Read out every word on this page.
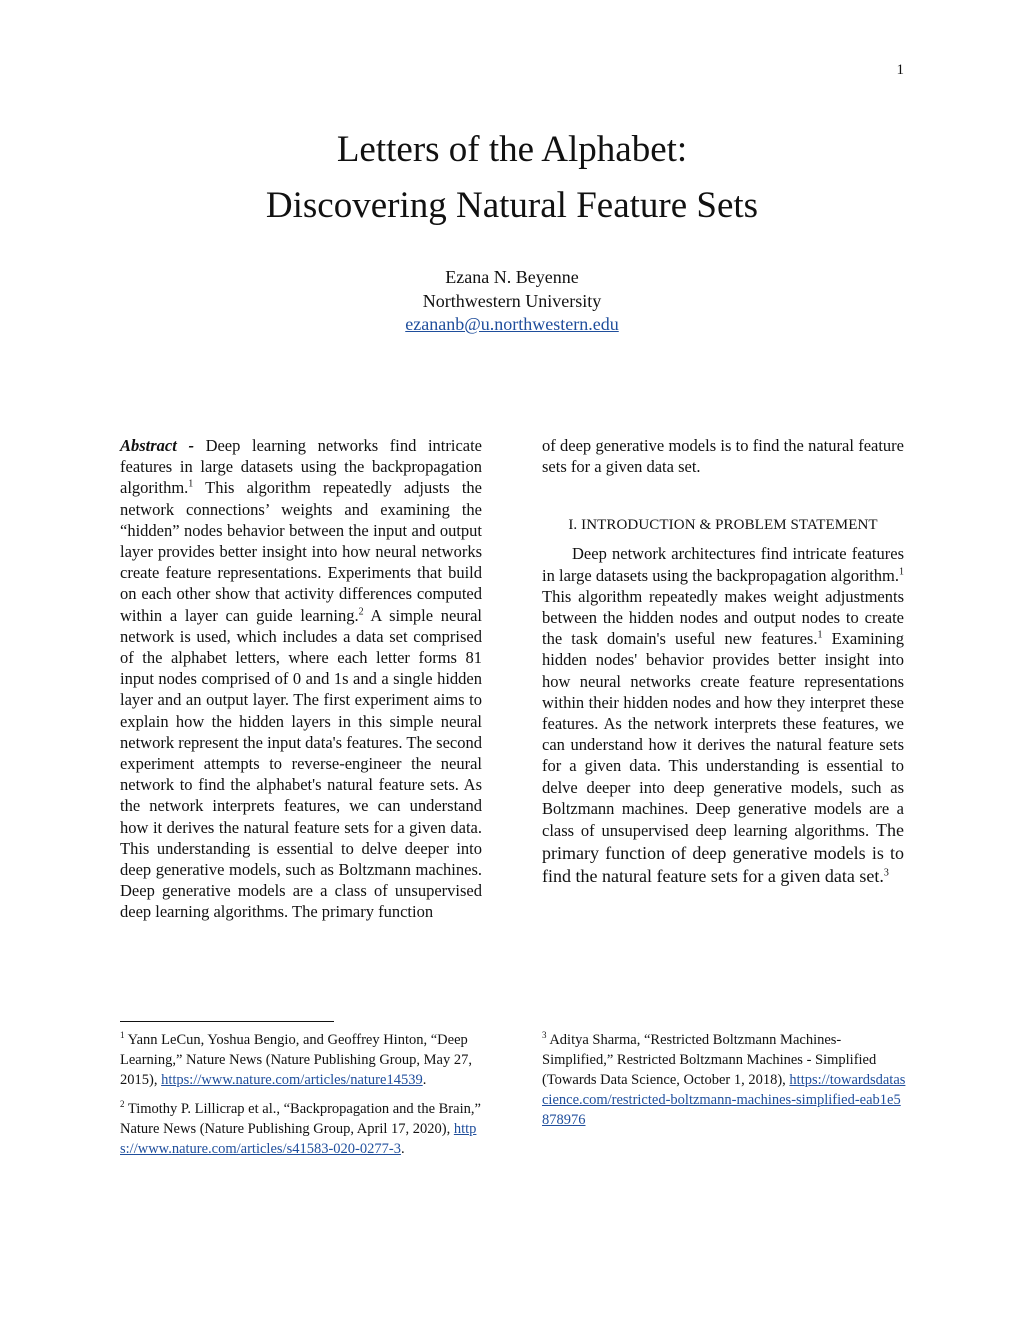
1
Letters of the Alphabet:
Discovering Natural Feature Sets
Ezana N. Beyenne
Northwestern University
ezananb@u.northwestern.edu

Abstract - Deep learning networks find intricate features in large datasets using the backpropagation algorithm.$^1$ This algorithm repeatedly adjusts the network connections’ weights and examining the “hidden” nodes behavior between the input and output layer provides better insight into how neural networks create feature representations. Experiments that build on each other show that activity differences computed within a layer can guide learning.$^2$ A simple neural network is used, which includes a data set comprised of the alphabet letters, where each letter forms 81 input nodes comprised of 0 and 1s and a single hidden layer and an output layer. The first experiment aims to explain how the hidden layers in this simple neural network represent the input data's features. The second experiment attempts to reverse-engineer the neural network to find the alphabet's natural feature sets. As the network interprets features, we can understand how it derives the natural feature sets for a given data. This understanding is essential to delve deeper into deep generative models, such as Boltzmann machines. Deep generative models are a class of unsupervised deep learning algorithms. The primary function

of deep generative models is to find the natural feature sets for a given data set.

I. INTRODUCTION & PROBLEM STATEMENT

Deep network architectures find intricate features in large datasets using the backpropagation algorithm.$^1$ This algorithm repeatedly makes weight adjustments between the hidden nodes and output nodes to create the task domain's useful new features.$^1$ Examining hidden nodes' behavior provides better insight into how neural networks create feature representations within their hidden nodes and how they interpret these features. As the network interprets these features, we can understand how it derives the natural feature sets for a given data. This understanding is essential to delve deeper into deep generative models, such as Boltzmann machines. Deep generative models are a class of unsupervised deep learning algorithms. The primary function of deep generative models is to find the natural feature sets for a given data set.$^3$

$^1$ Yann LeCun, Yoshua Bengio, and Geoffrey Hinton, “Deep Learning,” Nature News (Nature Publishing Group, May 27, 2015), https://www.nature.com/articles/nature14539.

$^2$ Timothy P. Lillicrap et al., “Backpropagation and the Brain,” Nature News (Nature Publishing Group, April 17, 2020), https://www.nature.com/articles/s41583-020-0277-3.

$^3$ Aditya Sharma, “Restricted Boltzmann Machines- Simplified,” Restricted Boltzmann Machines - Simplified (Towards Data Science, October 1, 2018), https://towardsdatascience.com/restricted-boltzmann-machines-simplified-eab1e5878976
